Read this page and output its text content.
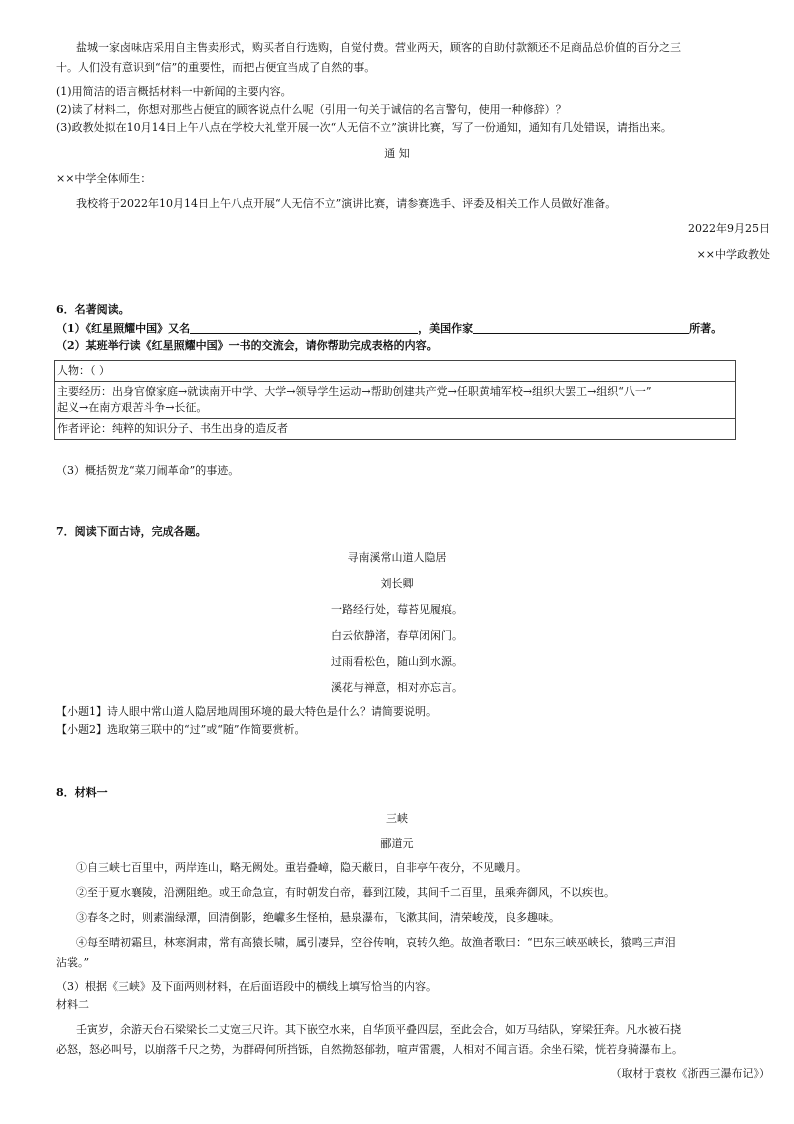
盐城一家卤味店采用自主售卖形式，购买者自行选购，自觉付费。营业两天，顾客的自助付款额还不足商品总价值的百分之三
十。人们没有意识到“信”的重要性，而把占便宜当成了自然的事。
(1)用简洁的语言概括材料一中新闻的主要内容。
(2)读了材料二，你想对那些占便宜的顾客说点什么呢（引用一句关于诚信的名言警句，使用一种修辞）？
(3)政教处拟在10月14日上午八点在学校大礼堂开展一次“人无信不立”演讲比赛，写了一份通知，通知有几处错误，请指出来。
通 知
××中学全体师生：
我校将于2022年10月14日上午八点开展“人无信不立”演讲比赛，请参赛选手、评委及相关工作人员做好准备。
2022年9月25日
××中学政教处
6．名著阅读。
（1）《红星照耀中国》又名	，美国作家	所著。
（2）某班举行读《红星照耀中国》一书的交流会，请你帮助完成表格的内容。
人物：（ ）
主要经历：出身官僚家庭→就读南开中学、大学→领导学生运动→帮助创建共产党→任职黄埔军校→组织大罢工→组织“八一”
起义→在南方艰苦斗争→长征。
作者评论：纯粹的知识分子、书生出身的造反者
（3）概括贺龙“菜刀闹革命”的事迹。
7．阅读下面古诗，完成各题。
寻南溪常山道人隐居
刘长卿
一路经行处，莓苔见履痕。
白云依静渚，春草闭闲门。
过雨看松色，随山到水源。
溪花与禅意，相对亦忘言。
【小题1】诗人眼中常山道人隐居地周围环境的最大特色是什么？请简要说明。
【小题2】选取第三联中的“过”或“随”作简要赏析。
8．材料一
三峡
郦道元
①自三峡七百里中，两岸连山，略无阙处。重岩叠嶂，隐天蔽日，自非亭午夜分，不见曦月。
②至于夏水襄陵，沿溯阻绝。或王命急宣，有时朝发白帝，暮到江陵，其间千二百里，虽乘奔御风，不以疾也。
③春冬之时，则素湍绿潭，回清倒影，绝巘多生怪柏，悬泉瀑布，飞漱其间，清荣峻茂，良多趣味。
④每至晴初霜旦，林寒涧肃，常有高猿长啸，属引凄异，空谷传响，哀转久绝。故渔者歌曰：“巴东三峡巫峡长，猿鸣三声泪
沾裳。”
（3）根据《三峡》及下面两则材料，在后面语段中的横线上填写恰当的内容。
材料二
壬寅岁，余游天台石梁梁长二丈宽三尺许。其下嵌空水来，自华顶平叠四层，至此会合，如万马结队，穿梁狂奔。凡水被石挠
必怒，怒必叫号，以崩落千尺之势，为群碍何所挡铄，自然拗怒郁勃，喧声雷震，人相对不闻言语。余坐石梁，恍若身骑瀑布上。
（取材于袁枚《浙西三瀑布记》）
